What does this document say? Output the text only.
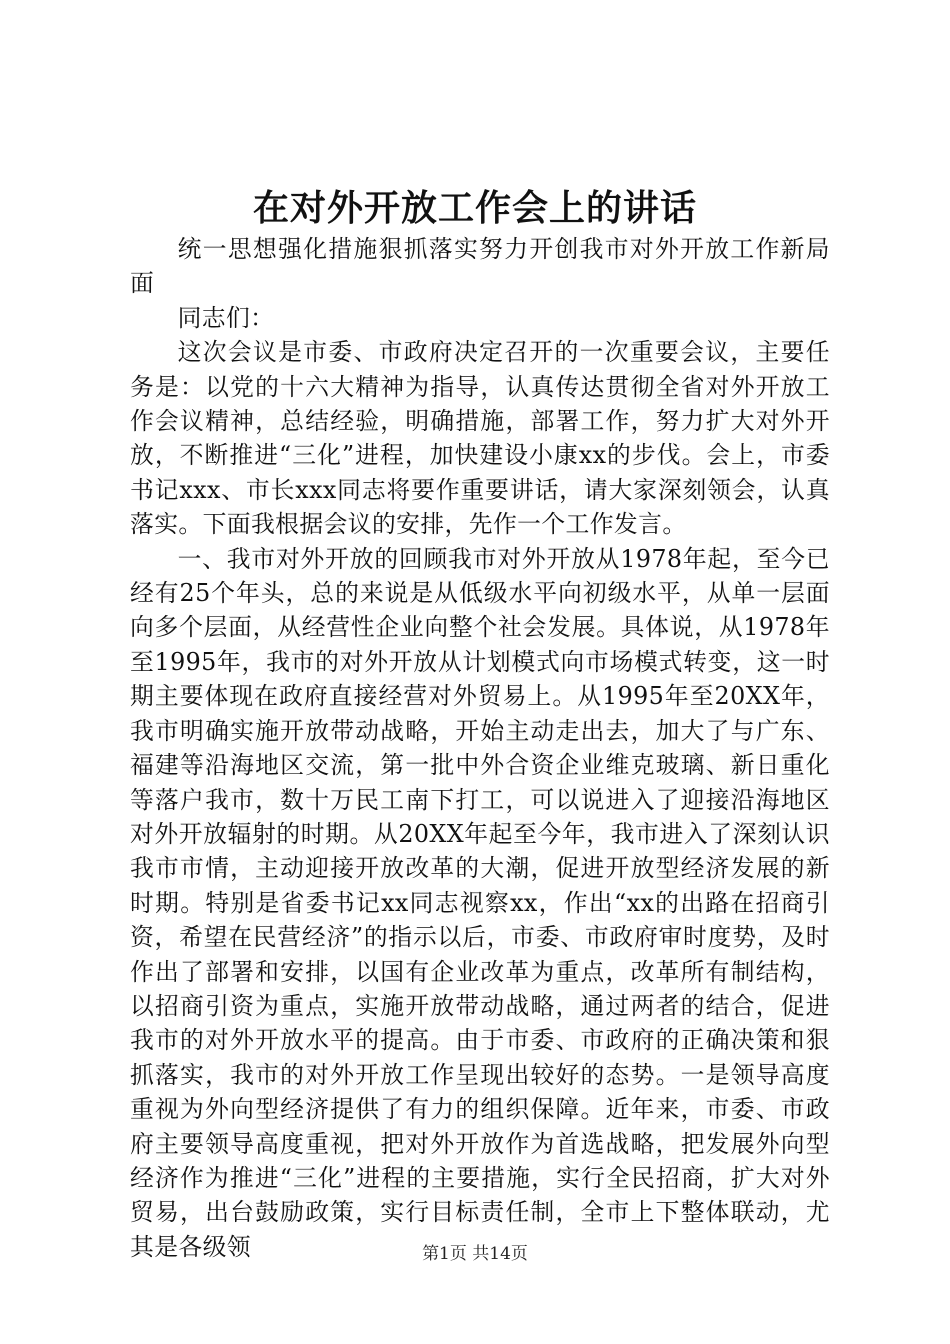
在对外开放工作会上的讲话

统一思想强化措施狠抓落实努力开创我市对外开放工作新局面

同志们：

这次会议是市委、市政府决定召开的一次重要会议，主要任务是：以党的十六大精神为指导，认真传达贯彻全省对外开放工作会议精神，总结经验，明确措施，部署工作，努力扩大对外开放，不断推进“三化”进程，加快建设小康xx的步伐。会上，市委书记xxx、市长xxx同志将要作重要讲话，请大家深刻领会，认真落实。下面我根据会议的安排，先作一个工作发言。

一、我市对外开放的回顾我市对外开放从1978年起，至今已经有25个年头，总的来说是从低级水平向初级水平，从单一层面向多个层面，从经营性企业向整个社会发展。具体说，从1978年至1995年，我市的对外开放从计划模式向市场模式转变，这一时期主要体现在政府直接经营对外贸易上。从1995年至20XX年，我市明确实施开放带动战略，开始主动走出去，加大了与广东、福建等沿海地区交流，第一批中外合资企业维克玻璃、新日重化等落户我市，数十万民工南下打工，可以说进入了迎接沿海地区对外开放辐射的时期。从20XX年起至今年，我市进入了深刻认识我市市情，主动迎接开放改革的大潮，促进开放型经济发展的新时期。特别是省委书记xx同志视察xx，作出“xx的出路在招商引资，希望在民营经济”的指示以后，市委、市政府审时度势，及时作出了部署和安排，以国有企业改革为重点，改革所有制结构，以招商引资为重点，实施开放带动战略，通过两者的结合，促进我市的对外开放水平的提高。由于市委、市政府的正确决策和狠抓落实，我市的对外开放工作呈现出较好的态势。一是领导高度重视为外向型经济提供了有力的组织保障。近年来，市委、市政府主要领导高度重视，把对外开放作为首选战略，把发展外向型经济作为推进“三化”进程的主要措施，实行全民招商，扩大对外贸易，出台鼓励政策，实行目标责任制，全市上下整体联动，尤其是各级领	第1页 共14页
